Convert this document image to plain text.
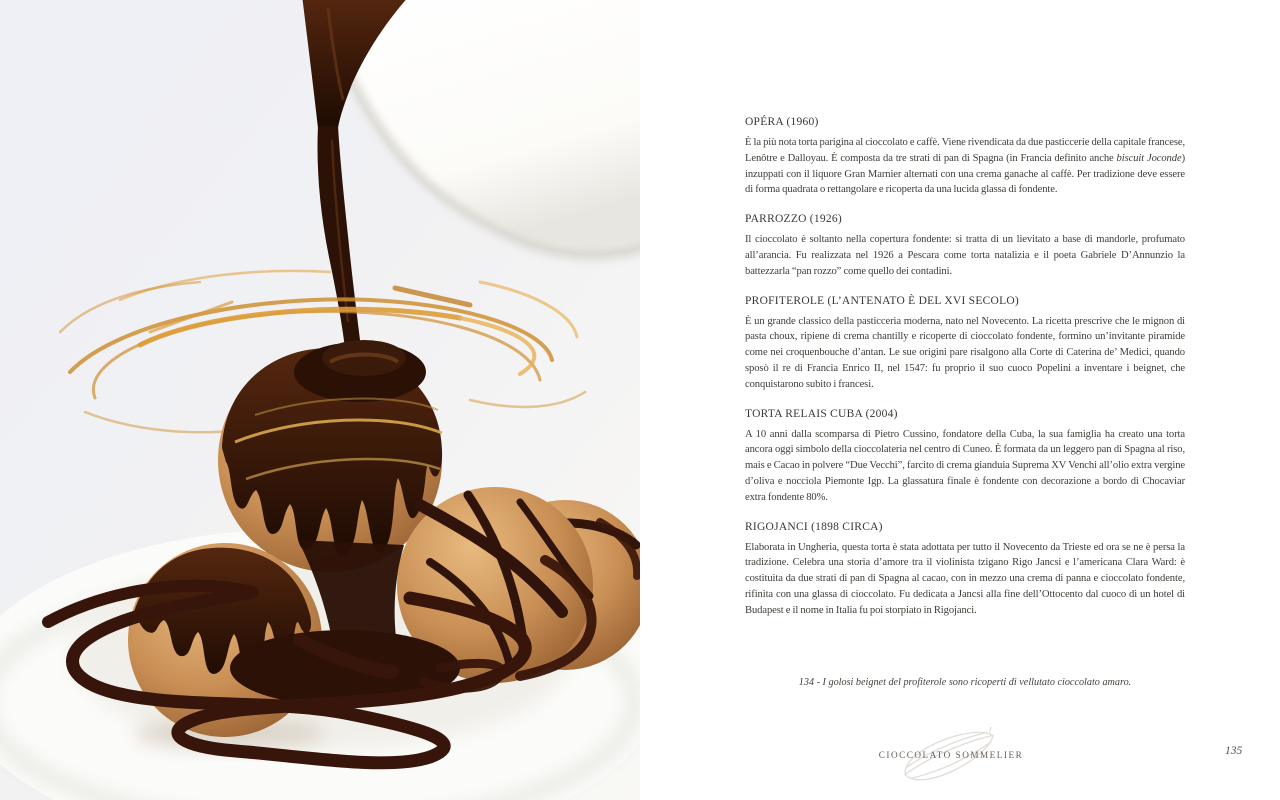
OPÉRA (1960)

È la più nota torta parigina al cioccolato e caffè. Viene rivendicata da due pasticcerie della capitale francese, Lenôtre e Dalloyau. È composta da tre strati di pan di Spagna (in Francia definito anche biscuit Joconde) inzuppati con il liquore Gran Marnier alternati con una crema ganache al caffè. Per tradizione deve essere di forma quadrata o rettangolare e ricoperta da una lucida glassa di fondente.

PARROZZO (1926)

Il cioccolato è soltanto nella copertura fondente: si tratta di un lievitato a base di mandorle, profumato all’arancia. Fu realizzata nel 1926 a Pescara come torta natalizia e il poeta Gabriele D’Annunzio la battezzarla “pan rozzo” come quello dei contadini.

PROFITEROLE (L’ANTENATO È DEL XVI SECOLO)

È un grande classico della pasticceria moderna, nato nel Novecento. La ricetta prescrive che le mignon di pasta choux, ripiene di crema chantilly e ricoperte di cioccolato fondente, formino un’invitante piramide come nei croquenbouche d’antan. Le sue origini pare risalgono alla Corte di Caterina de’ Medici, quando sposò il re di Francia Enrico II, nel 1547: fu proprio il suo cuoco Popelini a inventare i beignet, che conquistarono subito i francesi.

TORTA RELAIS CUBA (2004)

A 10 anni dalla scomparsa di Pietro Cussino, fondatore della Cuba, la sua famiglia ha creato una torta ancora oggi simbolo della cioccolateria nel centro di Cuneo. È formata da un leggero pan di Spagna al riso, mais e Cacao in polvere “Due Vecchi”, farcito di crema gianduia Suprema XV Venchi all’olio extra vergine d’oliva e nocciola Piemonte Igp. La glassatura finale è fondente con decorazione a bordo di Chocaviar extra fondente 80%.

RIGOJANCI (1898 CIRCA)

Elaborata in Ungheria, questa torta è stata adottata per tutto il Novecento da Trieste ed ora se ne è persa la tradizione. Celebra una storia d’amore tra il violinista tzigano Rigo Jancsi e l’americana Clara Ward: è costituita da due strati di pan di Spagna al cacao, con in mezzo una crema di panna e cioccolato fondente, rifinita con una glassa di cioccolato. Fu dedicata a Jancsi alla fine dell’Ottocento dal cuoco di un hotel di Budapest e il nome in Italia fu poi storpiato in Rigojanci.

134 - I golosi beignet del profiterole sono ricoperti di vellutato cioccolato amaro.
CIOCCOLATO SOMMELIER	135
